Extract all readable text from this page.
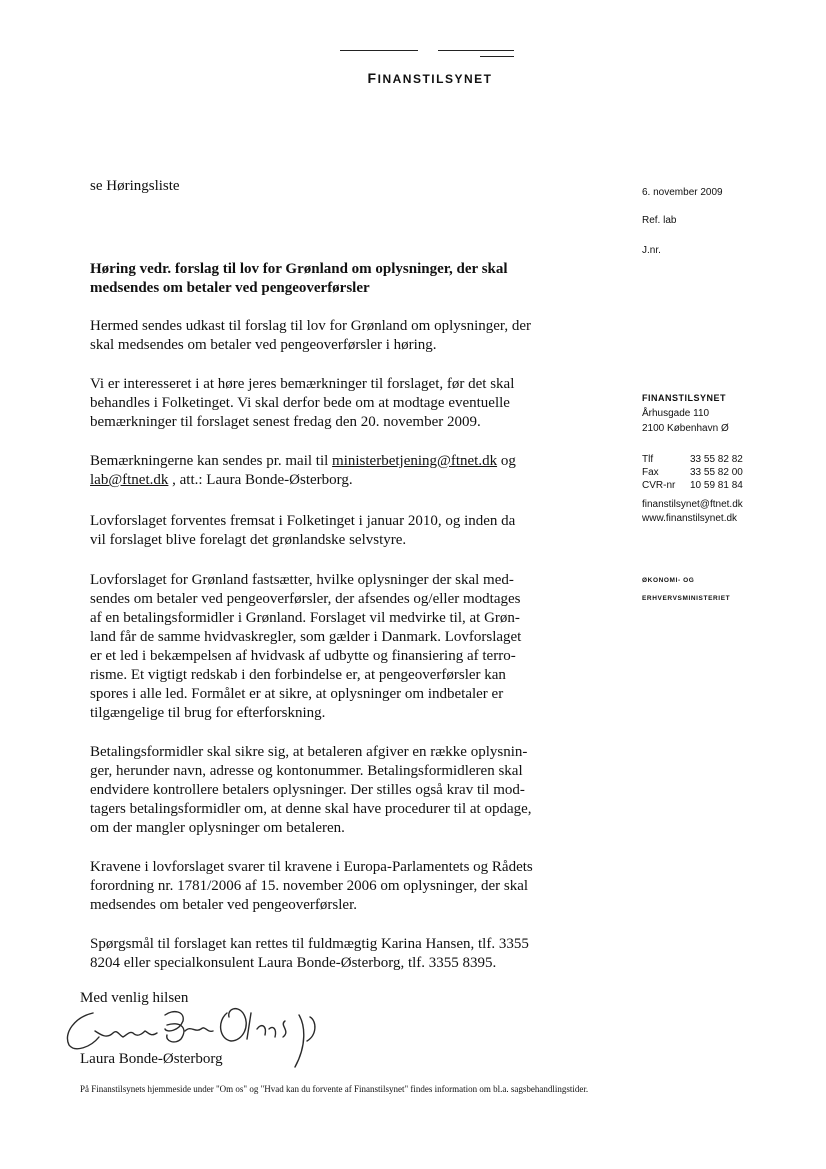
FINANSTILSYNET
se Høringsliste	6. november 2009
Ref. lab
J.nr.
FINANSTILSYNET
Århusgade 110
2100 København Ø
Tlf	33 55 82 82
Fax	33 55 82 00
CVR-nr	10 59 81 84
finanstilsynet@ftnet.dk
www.finanstilsynet.dk
ØKONOMI- OG
ERHVERVSMINISTERIET
Høring vedr. forslag til lov for Grønland om oplysninger, der skal
medsendes om betaler ved pengeoverførsler
Hermed sendes udkast til forslag til lov for Grønland om oplysninger, der
skal medsendes om betaler ved pengeoverførsler i høring.
Vi er interesseret i at høre jeres bemærkninger til forslaget, før det skal
behandles i Folketinget. Vi skal derfor bede om at modtage eventuelle
bemærkninger til forslaget senest fredag den 20. november 2009.
Bemærkningerne kan sendes pr. mail til ministerbetjening@ftnet.dk og
lab@ftnet.dk , att.: Laura Bonde-Østerborg.
Lovforslaget forventes fremsat i Folketinget i januar 2010, og inden da
vil forslaget blive forelagt det grønlandske selvstyre.
Lovforslaget for Grønland fastsætter, hvilke oplysninger der skal med-
sendes om betaler ved pengeoverførsler, der afsendes og/eller modtages
af en betalingsformidler i Grønland. Forslaget vil medvirke til, at Grøn-
land får de samme hvidvaskregler, som gælder i Danmark. Lovforslaget
er et led i bekæmpelsen af hvidvask af udbytte og finansiering af terro-
risme. Et vigtigt redskab i den forbindelse er, at pengeoverførsler kan
spores i alle led. Formålet er at sikre, at oplysninger om indbetaler er
tilgængelige til brug for efterforskning.
Betalingsformidler skal sikre sig, at betaleren afgiver en række oplysnin-
ger, herunder navn, adresse og kontonummer. Betalingsformidleren skal
endvidere kontrollere betalers oplysninger. Der stilles også krav til mod-
tagers betalingsformidler om, at denne skal have procedurer til at opdage,
om der mangler oplysninger om betaleren.
Kravene i lovforslaget svarer til kravene i Europa-Parlamentets og Rådets
forordning nr. 1781/2006 af 15. november 2006 om oplysninger, der skal
medsendes om betaler ved pengeoverførsler.
Spørgsmål til forslaget kan rettes til fuldmægtig Karina Hansen, tlf. 3355
8204 eller specialkonsulent Laura Bonde-Østerborg, tlf. 3355 8395.
Med venlig hilsen
Laura Bonde-Østerborg
På Finanstilsynets hjemmeside under "Om os" og "Hvad kan du forvente af Finanstilsynet" findes information om bl.a. sagsbehandlingstider.
